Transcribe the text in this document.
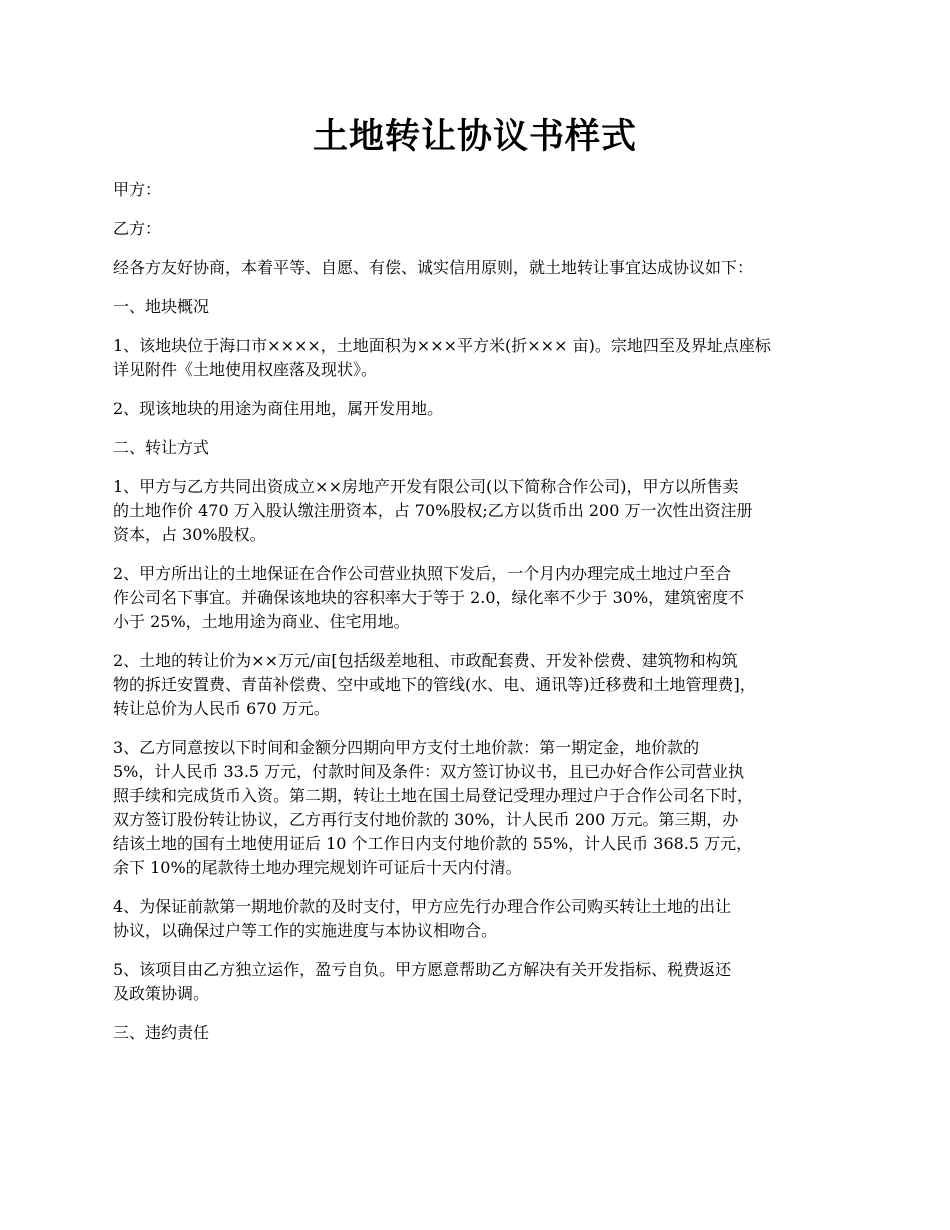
土地转让协议书样式

甲方：

乙方：

经各方友好协商，本着平等、自愿、有偿、诚实信用原则，就土地转让事宜达成协议如下：

一、地块概况

1、该地块位于海口市××××，土地面积为×××平方米(折××× 亩)。宗地四至及界址点座标
详见附件《土地使用权座落及现状》。

2、现该地块的用途为商住用地，属开发用地。

二、转让方式

1、甲方与乙方共同出资成立××房地产开发有限公司(以下简称合作公司)，甲方以所售卖
的土地作价 470 万入股认缴注册资本，占 70%股权;乙方以货币出 200 万一次性出资注册
资本，占 30%股权。

2、甲方所出让的土地保证在合作公司营业执照下发后，一个月内办理完成土地过户至合
作公司名下事宜。并确保该地块的容积率大于等于 2.0，绿化率不少于 30%，建筑密度不
小于 25%，土地用途为商业、住宅用地。

2、土地的转让价为××万元/亩[包括级差地租、市政配套费、开发补偿费、建筑物和构筑
物的拆迁安置费、青苗补偿费、空中或地下的管线(水、电、通讯等)迁移费和土地管理费]，
转让总价为人民币 670 万元。

3、乙方同意按以下时间和金额分四期向甲方支付土地价款：第一期定金，地价款的
5%，计人民币 33.5 万元，付款时间及条件：双方签订协议书，且已办好合作公司营业执
照手续和完成货币入资。第二期，转让土地在国土局登记受理办理过户于合作公司名下时，
双方签订股份转让协议，乙方再行支付地价款的 30%，计人民币 200 万元。第三期，办
结该土地的国有土地使用证后 10 个工作日内支付地价款的 55%，计人民币 368.5 万元，
余下 10%的尾款待土地办理完规划许可证后十天内付清。

4、为保证前款第一期地价款的及时支付，甲方应先行办理合作公司购买转让土地的出让
协议，以确保过户等工作的实施进度与本协议相吻合。

5、该项目由乙方独立运作，盈亏自负。甲方愿意帮助乙方解决有关开发指标、税费返还
及政策协调。

三、违约责任
